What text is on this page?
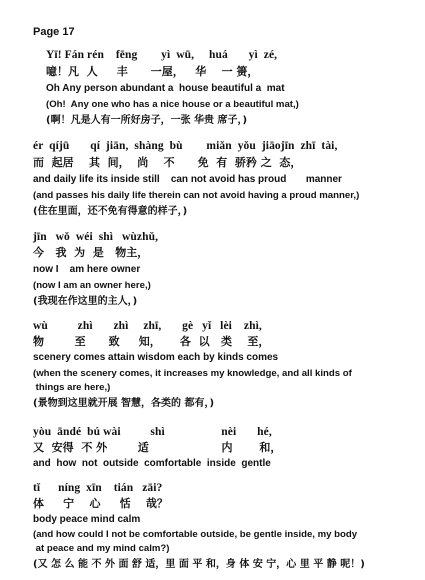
Page 17
Yī! Fán rén    fēng        yì  wū,     huá       yì  zé,
噫！凡  人     丰      一屋，   华    一 箦，
Oh Any person abundant a  house beautiful a  mat
(Oh!  Any one who has a nice house or a beautiful mat,)
(啊！凡是人有一所好房子，一张 华贵 席子，)
ér  qíjū       qí  jiān,  shàng  bù        miǎn  yǒu  jiāojīn  zhī  tài,
而  起居    其  间，  尚    不      免  有  骄矜 之  态，
and daily life its inside still    can not avoid has proud       manner
(and passes his daily life therein can not avoid having a proud manner,)
(住在里面，还不免有得意的样子，)
jīn   wǒ  wéi  shì   wùzhǔ,
今   我  为  是   物主，
now I    am here owner
(now I am an owner here,)
(我现在作这里的主人，)
wù          zhì       zhì     zhī,       gè   yǐ   lèi    zhì,
物        至      致     知，     各  以   类    至，
scenery comes attain wisdom each by kinds comes
(when the scenery comes, it increases my knowledge, and all kinds of
things are here,)
(景物到这里就开展 智慧，各类的 都有，)
yòu  āndé  bú wài          shì                   nèi       hé,
又  安得  不 外        适                   内       和，
and  how  not  outside  comfortable  inside  gentle
tǐ      níng  xīn    tián   zāi?
体     宁    心     恬    哉？
body peace mind calm
(and how could I not be comfortable outside, be gentle inside, my body
at peace and my mind calm?)
(又 怎 么 能 不 外 面 舒 适，里 面 平 和，身 体 安 宁，心 里 平 静 呢！)
